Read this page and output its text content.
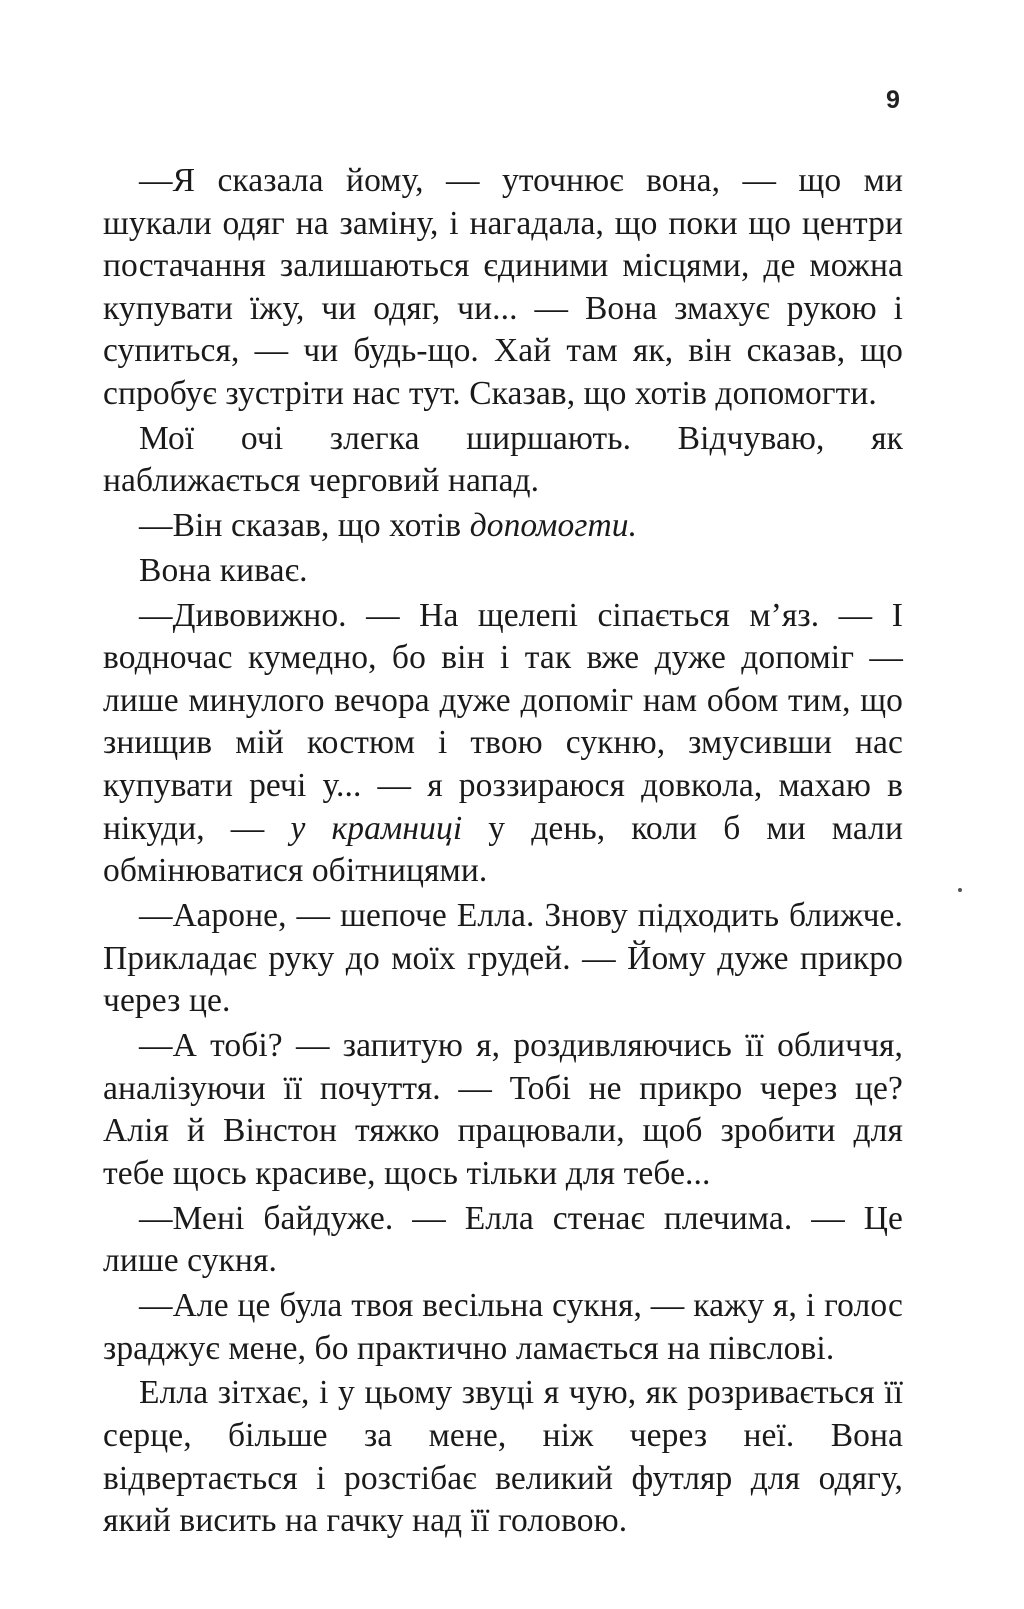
9

—Я сказала йому, — уточнює вона, — що ми шукали одяг на заміну, і нагадала, що поки що центри постачання залишаються єдиними місцями, де можна купувати їжу, чи одяг, чи... — Вона змахує рукою і супиться, — чи будь-що. Хай там як, він сказав, що спробує зустріти нас тут. Сказав, що хотів допомогти.

Мої очі злегка ширшають. Відчуваю, як наближається черговий напад.

—Він сказав, що хотів допомогти.

Вона киває.

—Дивовижно. — На щелепі сіпається м’яз. — І водночас кумедно, бо він і так вже дуже допоміг — лише минулого вечора дуже допоміг нам обом тим, що знищив мій костюм і твою сукню, змусивши нас купувати речі у... — я роззираюся довкола, махаю в нікуди, — у крамниці у день, коли б ми мали обмінюватися обітницями.

—Аароне, — шепоче Елла. Знову підходить ближче. Прикладає руку до моїх грудей. — Йому дуже прикро через це.

—А тобі? — запитую я, роздивляючись її обличчя, аналізуючи її почуття. — Тобі не прикро через це? Алія й Вінстон тяжко працювали, щоб зробити для тебе щось красиве, щось тільки для тебе...

—Мені байдуже. — Елла стенає плечима. — Це лише сукня.

—Але це була твоя весільна сукня, — кажу я, і голос зраджує мене, бо практично ламається на півслові.

Елла зітхає, і у цьому звуці я чую, як розривається її серце, більше за мене, ніж через неї. Вона відвертається і розстібає великий футляр для одягу, який висить на гачку над її головою.
